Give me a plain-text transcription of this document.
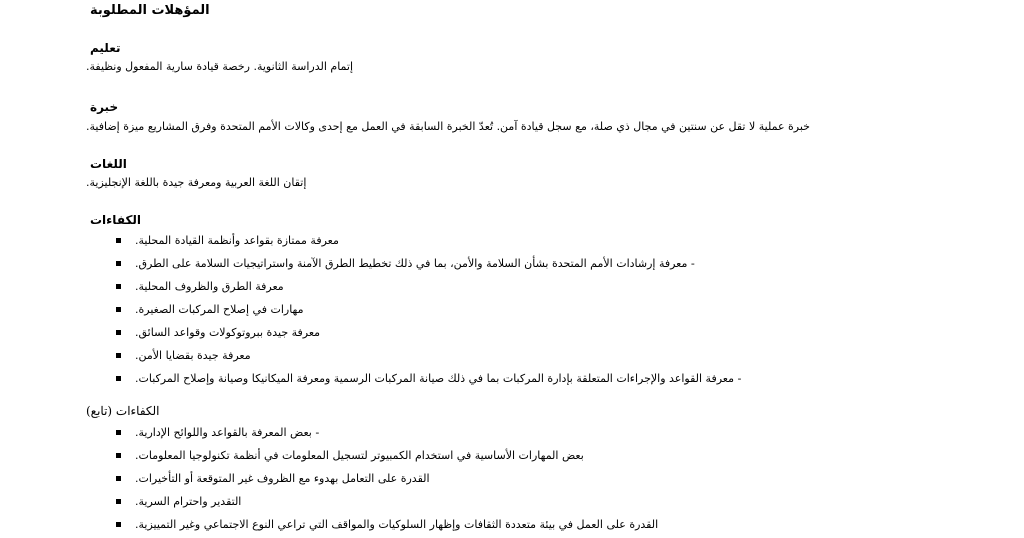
المؤهلات المطلوبة
تعليم
.إتمام الدراسة الثانوية. رخصة قيادة سارية المفعول ونظيفة
خبرة
.خبرة عملية لا تقل عن سنتين في مجال ذي صلة، مع سجل قيادة آمن. تُعدّ الخبرة السابقة في العمل مع إحدى وكالات الأمم المتحدة وفرق المشاريع ميزة إضافية
اللغات
.إتقان اللغة العربية ومعرفة جيدة باللغة الإنجليزية
الكفاءات
.معرفة ممتازة بقواعد وأنظمة القيادة المحلية
.معرفة إرشادات الأمم المتحدة بشأن السلامة والأمن، بما في ذلك تخطيط الطرق الآمنة واستراتيجيات السلامة على الطرق -
.معرفة الطرق والظروف المحلية
.مهارات في إصلاح المركبات الصغيرة
.معرفة جيدة ببروتوكولات وقواعد السائق
.معرفة جيدة بقضايا الأمن
.معرفة القواعد والإجراءات المتعلقة بإدارة المركبات بما في ذلك صيانة المركبات الرسمية ومعرفة الميكانيكا وصيانة وإصلاح المركبات -
الكفاءات (تابع)
.بعض المعرفة بالقواعد واللوائح الإدارية -
.بعض المهارات الأساسية في استخدام الكمبيوتر لتسجيل المعلومات في أنظمة تكنولوجيا المعلومات
.القدرة على التعامل بهدوء مع الظروف غير المتوقعة أو التأخيرات
.التقدير واحترام السرية
.القدرة على العمل في بيئة متعددة الثقافات وإظهار السلوكيات والمواقف التي تراعي النوع الاجتماعي وغير التمييزية
